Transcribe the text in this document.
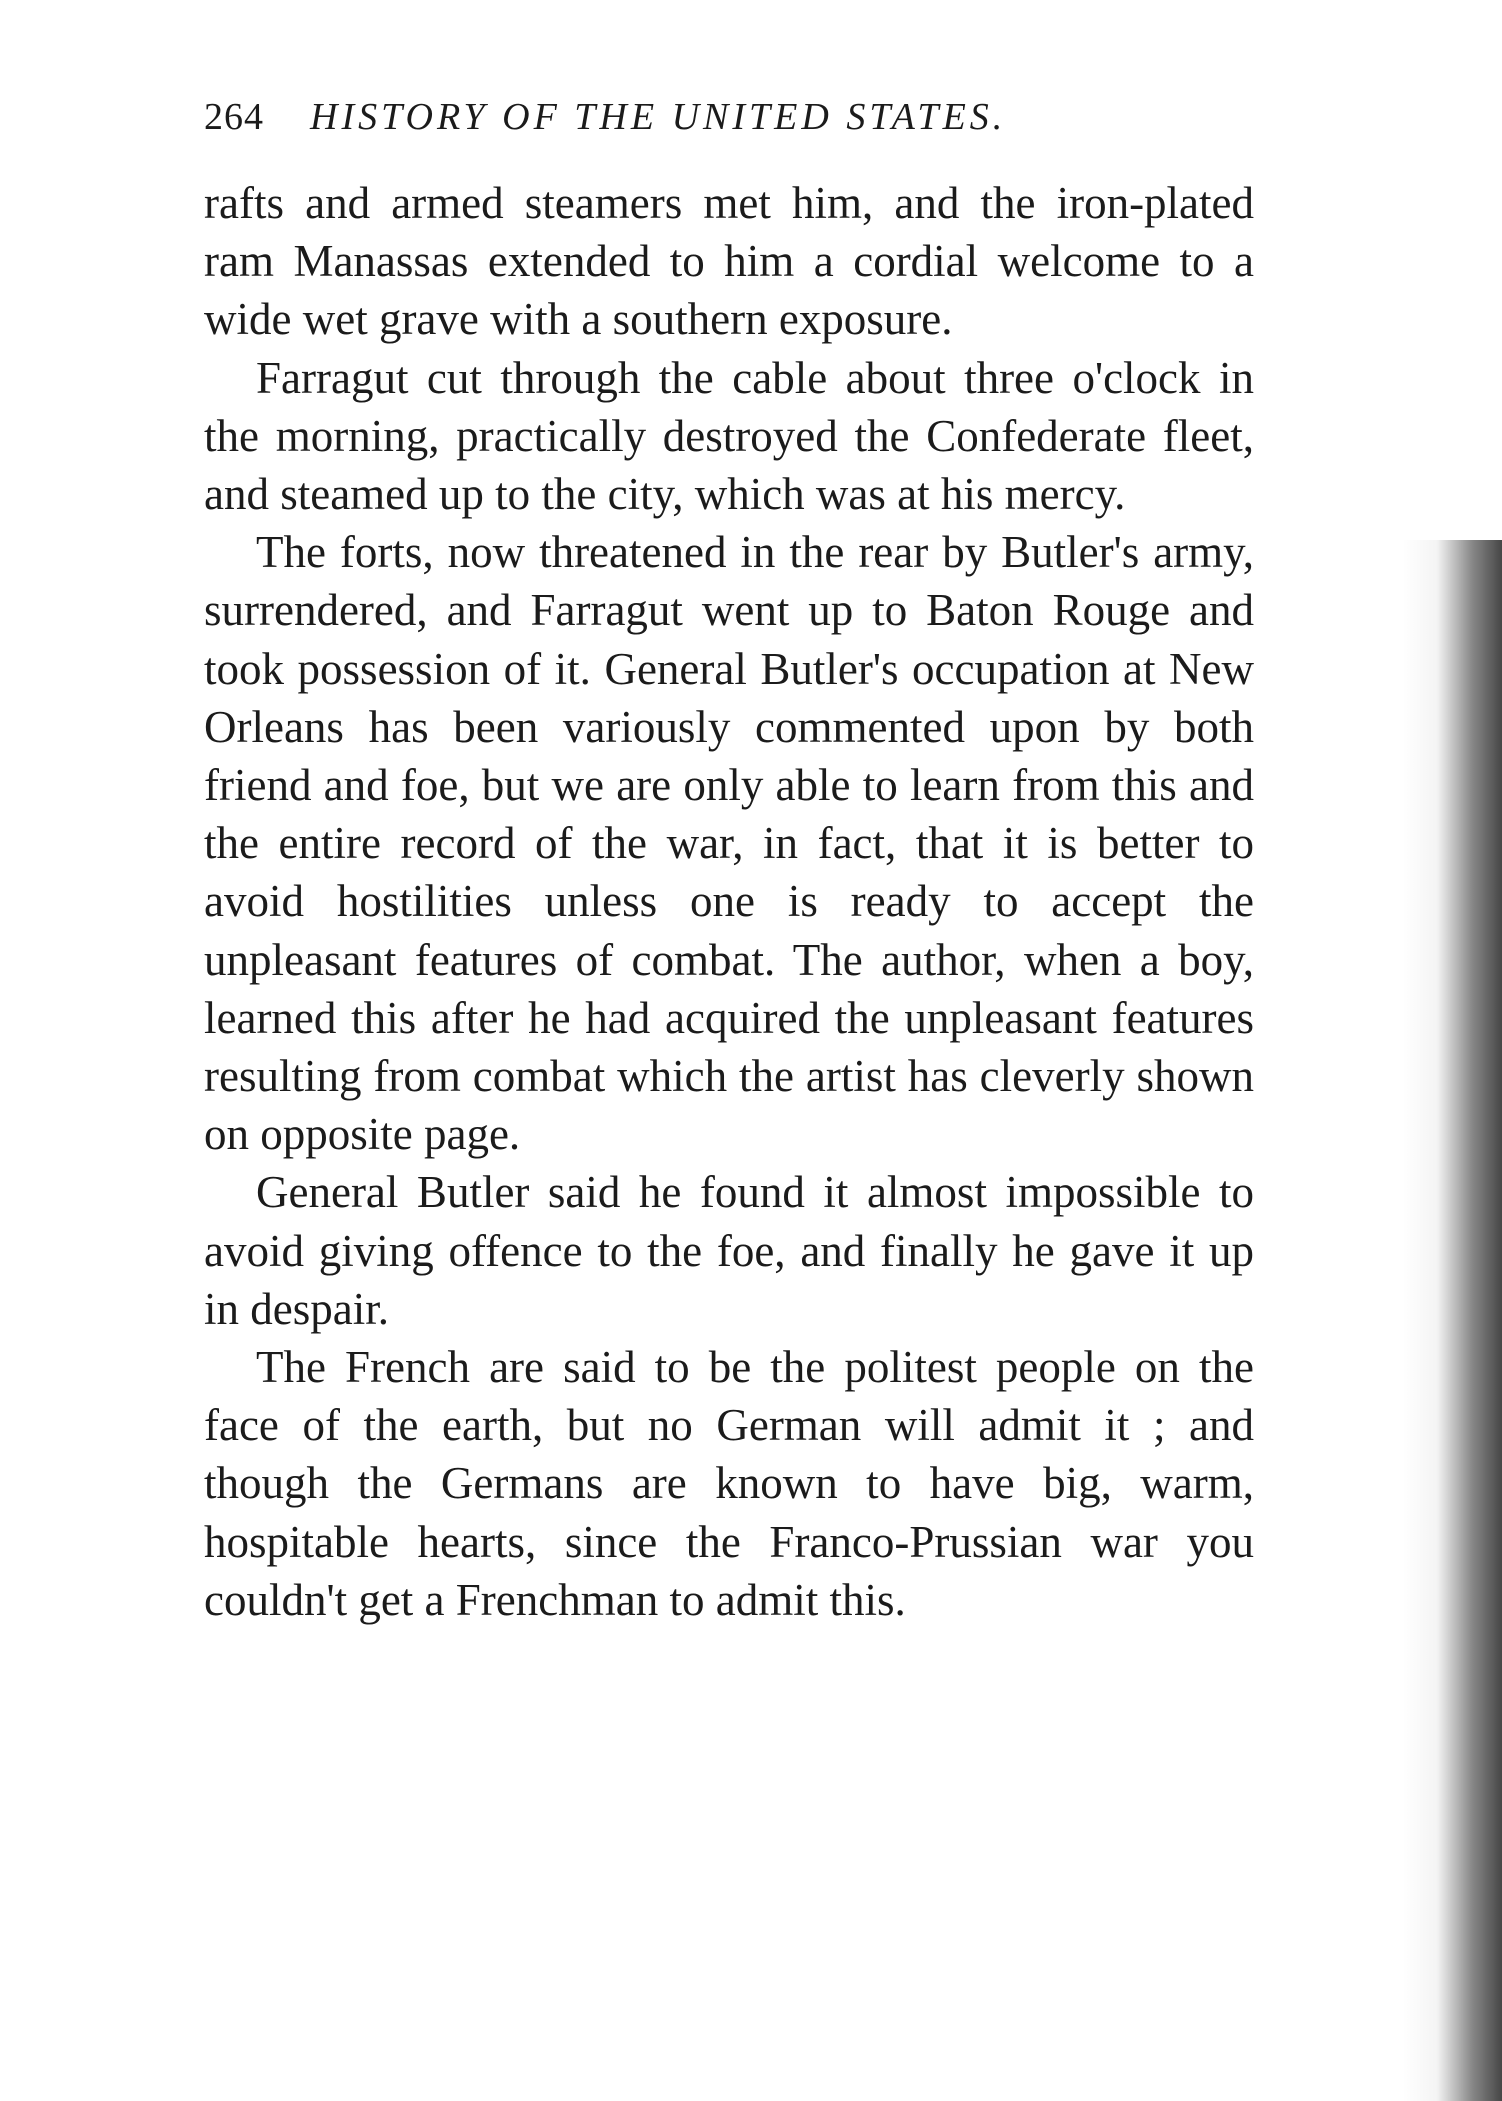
264 HISTORY OF THE UNITED STATES.

rafts and armed steamers met him, and the iron-plated ram Manassas extended to him a cordial welcome to a wide wet grave with a southern exposure.

Farragut cut through the cable about three o'clock in the morning, practically destroyed the Confederate fleet, and steamed up to the city, which was at his mercy.

The forts, now threatened in the rear by Butler's army, surrendered, and Farragut went up to Baton Rouge and took possession of it. General Butler's occupation at New Orleans has been variously commented upon by both friend and foe, but we are only able to learn from this and the entire record of the war, in fact, that it is better to avoid hostilities unless one is ready to accept the unpleasant features of combat. The author, when a boy, learned this after he had acquired the unpleasant features resulting from combat which the artist has cleverly shown on opposite page.

General Butler said he found it almost impossible to avoid giving offence to the foe, and finally he gave it up in despair.

The French are said to be the politest people on the face of the earth, but no German will admit it ; and though the Germans are known to have big, warm, hospitable hearts, since the Franco-Prussian war you couldn't get a Frenchman to admit this.
